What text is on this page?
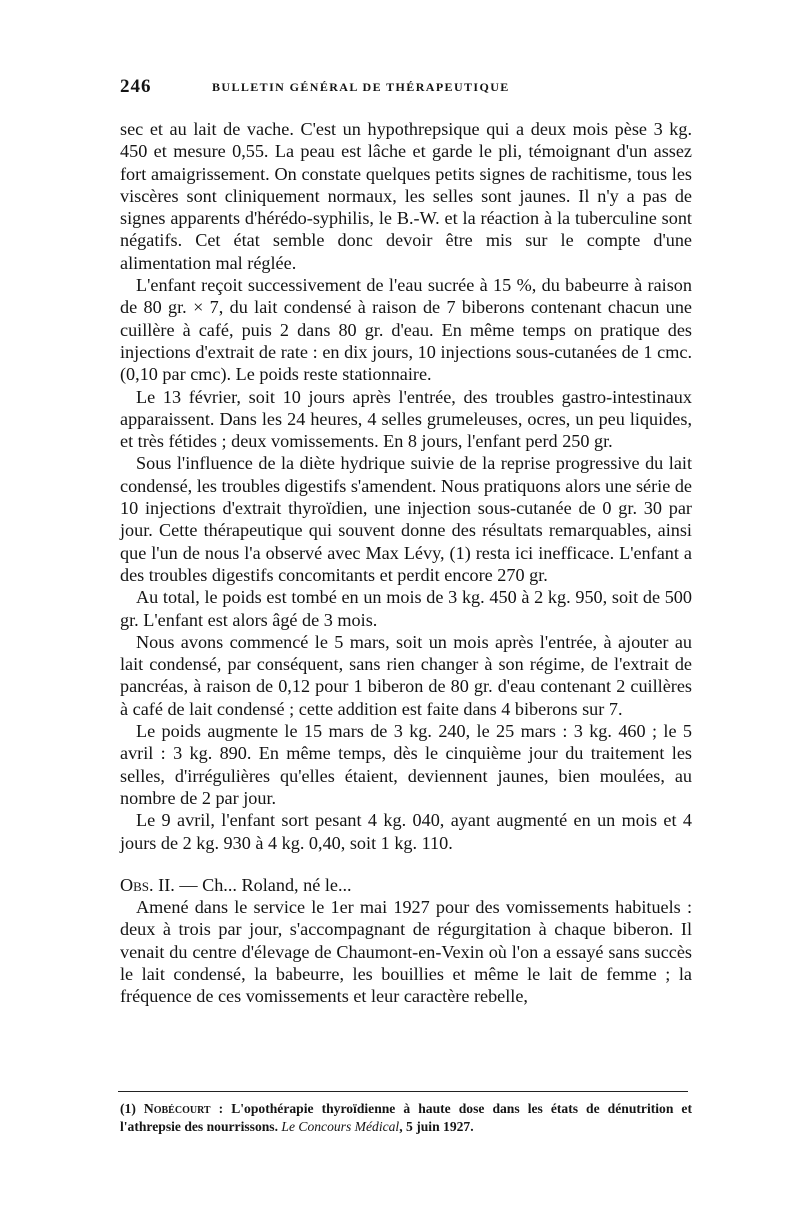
246	BULLETIN GÉNÉRAL DE THÉRAPEUTIQUE

sec et au lait de vache. C'est un hypothrepsique qui a deux mois pèse 3 kg. 450 et mesure 0,55. La peau est lâche et garde le pli, témoignant d'un assez fort amaigrissement. On constate quelques petits signes de rachitisme, tous les viscères sont cliniquement normaux, les selles sont jaunes. Il n'y a pas de signes apparents d'hérédo-syphilis, le B.-W. et la réaction à la tuberculine sont négatifs. Cet état semble donc devoir être mis sur le compte d'une alimentation mal réglée.

L'enfant reçoit successivement de l'eau sucrée à 15 %, du babeurre à raison de 80 gr. × 7, du lait condensé à raison de 7 biberons contenant chacun une cuillère à café, puis 2 dans 80 gr. d'eau. En même temps on pratique des injections d'extrait de rate : en dix jours, 10 injections sous-cutanées de 1 cmc. (0,10 par cmc). Le poids reste stationnaire.

Le 13 février, soit 10 jours après l'entrée, des troubles gastro-intestinaux apparaissent. Dans les 24 heures, 4 selles grumeleuses, ocres, un peu liquides, et très fétides ; deux vomissements. En 8 jours, l'enfant perd 250 gr.

Sous l'influence de la diète hydrique suivie de la reprise progressive du lait condensé, les troubles digestifs s'amendent. Nous pratiquons alors une série de 10 injections d'extrait thyroïdien, une injection sous-cutanée de 0 gr. 30 par jour. Cette thérapeutique qui souvent donne des résultats remarquables, ainsi que l'un de nous l'a observé avec Max Lévy, (1) resta ici inefficace. L'enfant a des troubles digestifs concomitants et perdit encore 270 gr.

Au total, le poids est tombé en un mois de 3 kg. 450 à 2 kg. 950, soit de 500 gr. L'enfant est alors âgé de 3 mois.

Nous avons commencé le 5 mars, soit un mois après l'entrée, à ajouter au lait condensé, par conséquent, sans rien changer à son régime, de l'extrait de pancréas, à raison de 0,12 pour 1 biberon de 80 gr. d'eau contenant 2 cuillères à café de lait condensé ; cette addition est faite dans 4 biberons sur 7.

Le poids augmente le 15 mars de 3 kg. 240, le 25 mars : 3 kg. 460 ; le 5 avril : 3 kg. 890. En même temps, dès le cinquième jour du traitement les selles, d'irrégulières qu'elles étaient, deviennent jaunes, bien moulées, au nombre de 2 par jour.

Le 9 avril, l'enfant sort pesant 4 kg. 040, ayant augmenté en un mois et 4 jours de 2 kg. 930 à 4 kg. 0,40, soit 1 kg. 110.

Obs. II. — Ch... Roland, né le...

Amené dans le service le 1er mai 1927 pour des vomissements habituels : deux à trois par jour, s'accompagnant de régurgitation à chaque biberon. Il venait du centre d'élevage de Chaumont-en-Vexin où l'on a essayé sans succès le lait condensé, la babeurre, les bouillies et même le lait de femme ; la fréquence de ces vomissements et leur caractère rebelle,

(1) Nobécourt : L'opothérapie thyroïdienne à haute dose dans les états de dénutrition et l'athrepsie des nourrissons. Le Concours Médical, 5 juin 1927.
